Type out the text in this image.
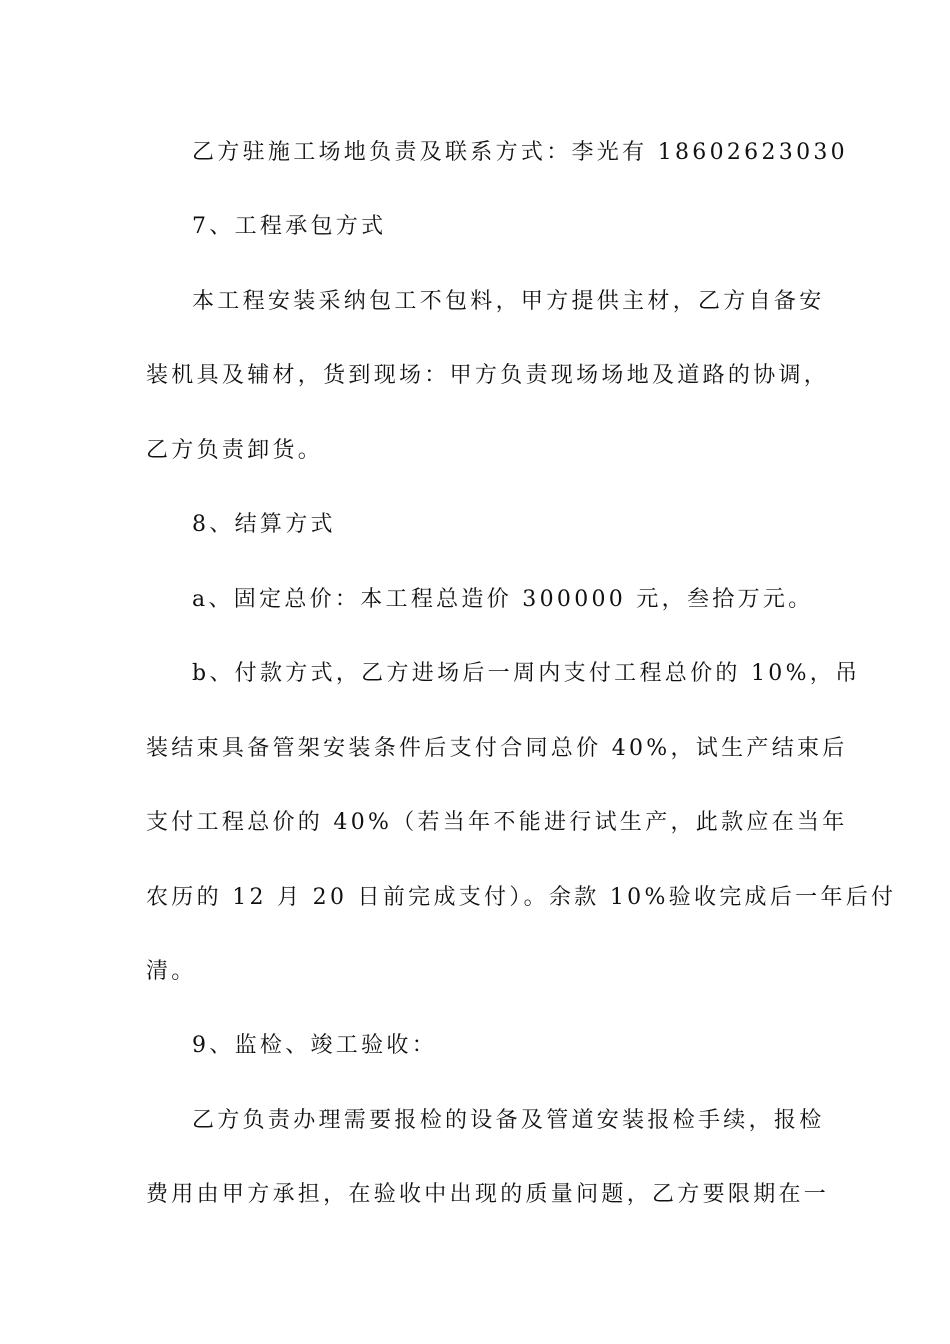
乙方驻施工场地负责及联系方式：李光有 18602623030
7、工程承包方式
本工程安装采纳包工不包料，甲方提供主材，乙方自备安
装机具及辅材，货到现场：甲方负责现场场地及道路的协调，
乙方负责卸货。
8、结算方式
a、固定总价：本工程总造价 300000 元，叁拾万元。
b、付款方式，乙方进场后一周内支付工程总价的 10%，吊
装结束具备管架安装条件后支付合同总价 40%，试生产结束后
支付工程总价的 40%（若当年不能进行试生产，此款应在当年
农历的 12 月 20 日前完成支付）。余款 10%验收完成后一年后付
清。
9、监检、竣工验收：
乙方负责办理需要报检的设备及管道安装报检手续，报检
费用由甲方承担，在验收中出现的质量问题，乙方要限期在一
